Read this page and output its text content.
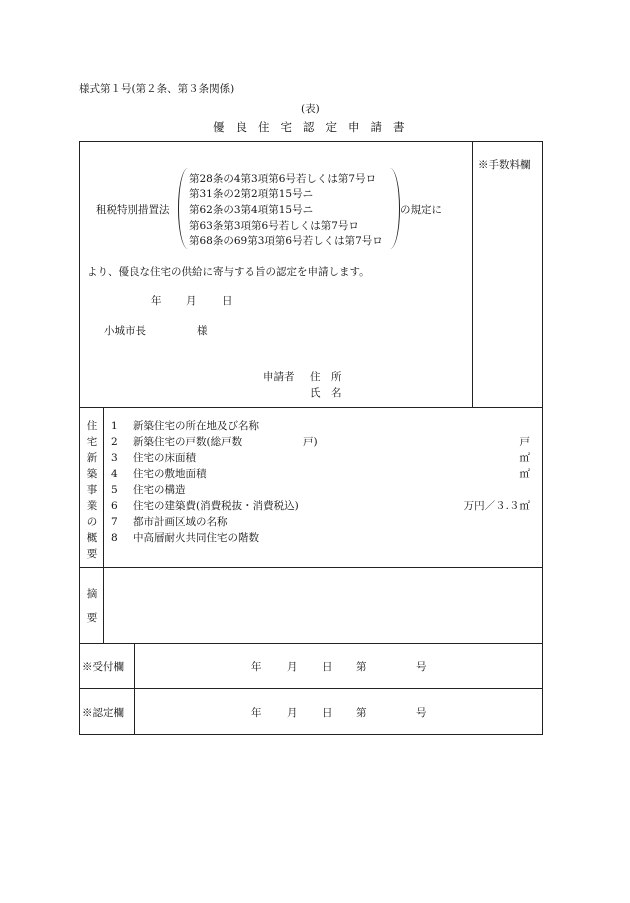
様式第１号(第２条、第３条関係)
(表)
優良住宅認定申請書
※手数料欄
租税特別措置法
第28条の4第3項第6号若しくは第7号ロ
第31条の2第2項第15号ニ
第62条の3第4項第15号ニ
第63条第3項第6号若しくは第7号ロ
第68条の69第3項第6号若しくは第7号ロ
の規定に
より、優良な住宅の供給に寄与する旨の認定を申請します。
年 月 日
小城市長	様
申請者 住　所
氏　名
住
宅
新
築
事
業
の
概
要
1 新築住宅の所在地及び名称
2 新築住宅の戸数(総戸数	戸)	戸
3 住宅の床面積	㎡
4 住宅の敷地面積	㎡
5 住宅の構造
6 住宅の建築費(消費税抜・消費税込)	万円／３.３㎡
7 都市計画区域の名称
8 中高層耐火共同住宅の階数
摘
要
※受付欄	年 月 日 第	号
※認定欄	年 月 日 第	号
